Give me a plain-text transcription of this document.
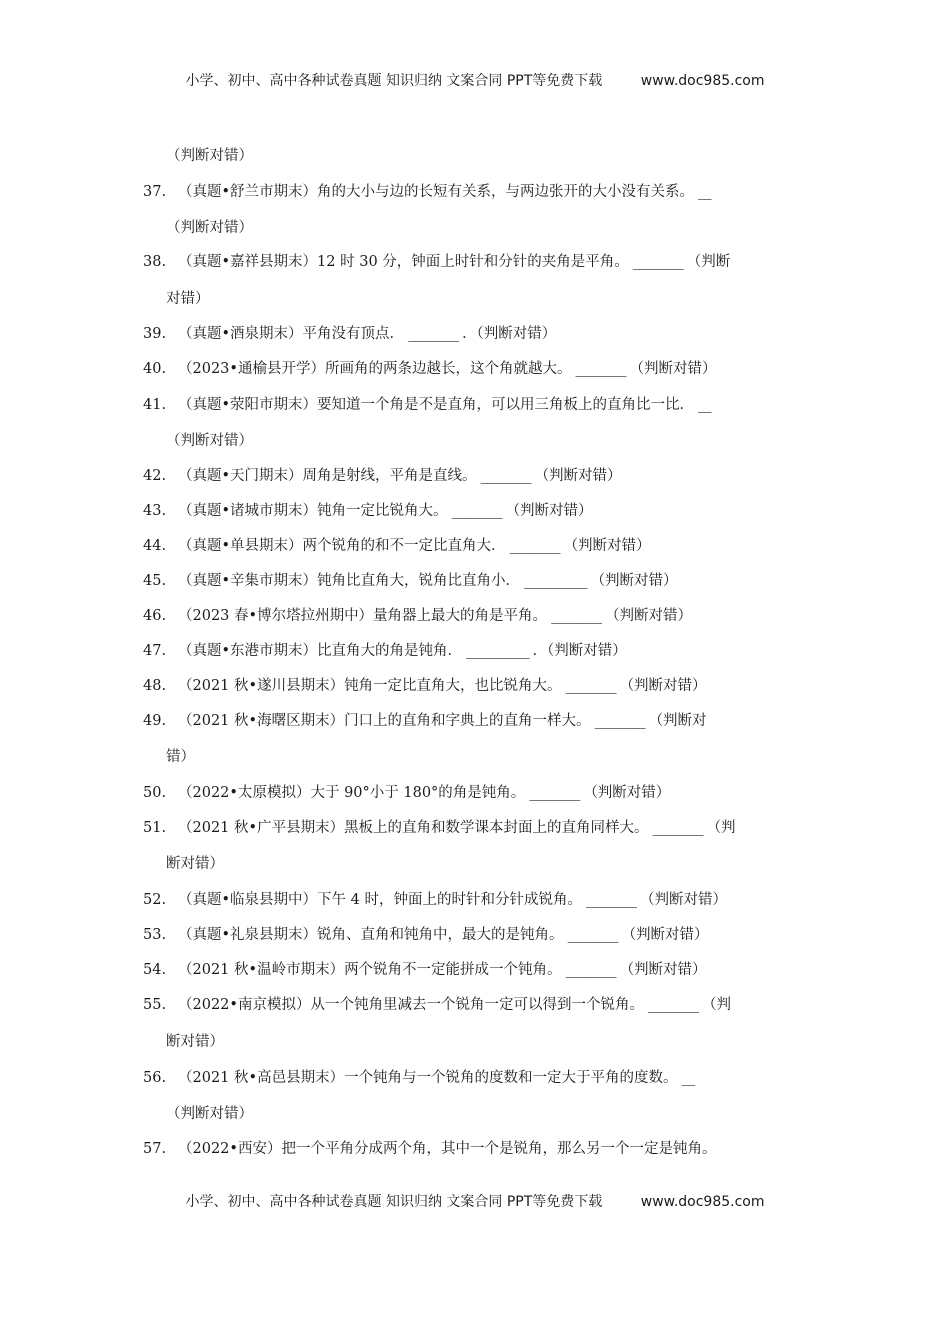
小学、初中、高中各种试卷真题 知识归纳 文案合同 PPT等免费下载	www.doc985.com
（判断对错）
37. （真题•舒兰市期末）角的大小与边的长短有关系，与两边张开的大小没有关系。 __
（判断对错）
38. （真题•嘉祥县期末）12 时 30 分，钟面上时针和分针的夹角是平角。 ________ （判断
对错）
39. （真题•酒泉期末）平角没有顶点． ________ ．（判断对错）
40. （2023•通榆县开学）所画角的两条边越长，这个角就越大。 ________ （判断对错）
41. （真题•荥阳市期末）要知道一个角是不是直角，可以用三角板上的直角比一比． __
（判断对错）
42. （真题•天门期末）周角是射线，平角是直线。 ________ （判断对错）
43. （真题•诸城市期末）钝角一定比锐角大。 ________ （判断对错）
44. （真题•单县期末）两个锐角的和不一定比直角大． ________ （判断对错）
45. （真题•辛集市期末）钝角比直角大，锐角比直角小． __________ （判断对错）
46. （2023 春•博尔塔拉州期中）量角器上最大的角是平角。 ________ （判断对错）
47. （真题•东港市期末）比直角大的角是钝角． __________ ．（判断对错）
48. （2021 秋•遂川县期末）钝角一定比直角大，也比锐角大。 ________ （判断对错）
49. （2021 秋•海曙区期末）门口上的直角和字典上的直角一样大。 ________ （判断对
错）
50. （2022•太原模拟）大于 90°小于 180°的角是钝角。 ________ （判断对错）
51. （2021 秋•广平县期末）黑板上的直角和数学课本封面上的直角同样大。 ________ （判
断对错）
52. （真题•临泉县期中）下午 4 时，钟面上的时针和分针成锐角。 ________ （判断对错）
53. （真题•礼泉县期末）锐角、直角和钝角中，最大的是钝角。 ________ （判断对错）
54. （2021 秋•温岭市期末）两个锐角不一定能拼成一个钝角。 ________ （判断对错）
55. （2022•南京模拟）从一个钝角里减去一个锐角一定可以得到一个锐角。 ________ （判
断对错）
56. （2021 秋•高邑县期末）一个钝角与一个锐角的度数和一定大于平角的度数。 __
（判断对错）
57. （2022•西安）把一个平角分成两个角，其中一个是锐角，那么另一个一定是钝角。
小学、初中、高中各种试卷真题 知识归纳 文案合同 PPT等免费下载	www.doc985.com
